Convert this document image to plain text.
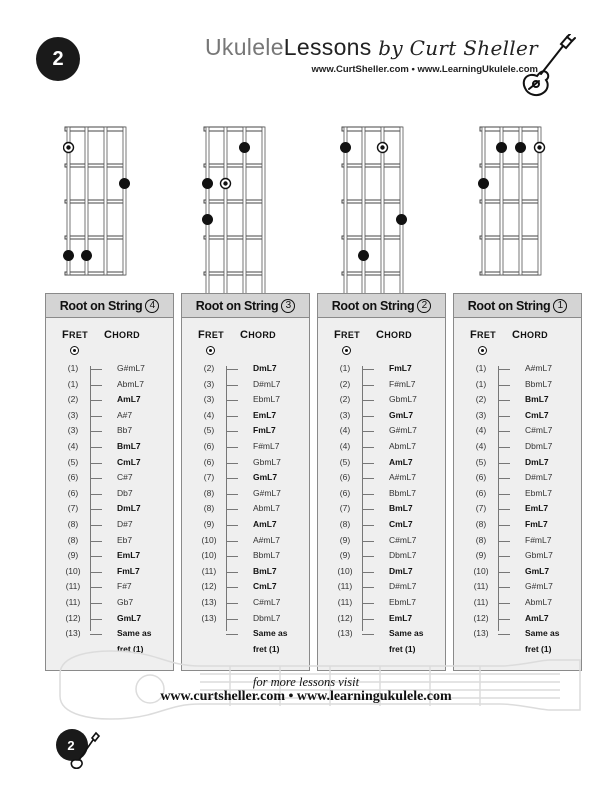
2	UkuleleLessons by Curt Sheller
www.CurtSheller.com • www.LearningUkulele.com
Root on String 4
FRET CHORD
(1)	G#mL7
(1)	AbmL7
(2)	AmL7
(3)	A#7
(3)	Bb7
(4)	BmL7
(5)	CmL7
(6)	C#7
(6)	Db7
(7)	DmL7
(8)	D#7
(8)	Eb7
(9)	EmL7
(10)	FmL7
(11)	F#7
(11)	Gb7
(12)	GmL7
(13)	Same as
fret (1)
Root on String 3
FRET CHORD
(2)	DmL7
(3)	D#mL7
(3)	EbmL7
(4)	EmL7
(5)	FmL7
(6)	F#mL7
(6)	GbmL7
(7)	GmL7
(8)	G#mL7
(8)	AbmL7
(9)	AmL7
(10)	A#mL7
(10)	BbmL7
(11)	BmL7
(12)	CmL7
(13)	C#mL7
(13)	DbmL7
Same as
fret (1)
Root on String 2
FRET CHORD
(1)	FmL7
(2)	F#mL7
(2)	GbmL7
(3)	GmL7
(4)	G#mL7
(4)	AbmL7
(5)	AmL7
(6)	A#mL7
(6)	BbmL7
(7)	BmL7
(8)	CmL7
(9)	C#mL7
(9)	DbmL7
(10)	DmL7
(11)	D#mL7
(11)	EbmL7
(12)	EmL7
(13)	Same as
fret (1)
Root on String 1
FRET CHORD
(1)	A#mL7
(1)	BbmL7
(2)	BmL7
(3)	CmL7
(4)	C#mL7
(4)	DbmL7
(5)	DmL7
(6)	D#mL7
(6)	EbmL7
(7)	EmL7
(8)	FmL7
(8)	F#mL7
(9)	GbmL7
(10)	GmL7
(11)	G#mL7
(11)	AbmL7
(12)	AmL7
(13)	Same as
fret (1)
for more lessons visit
www.curtsheller.com • www.learningukulele.com
2
